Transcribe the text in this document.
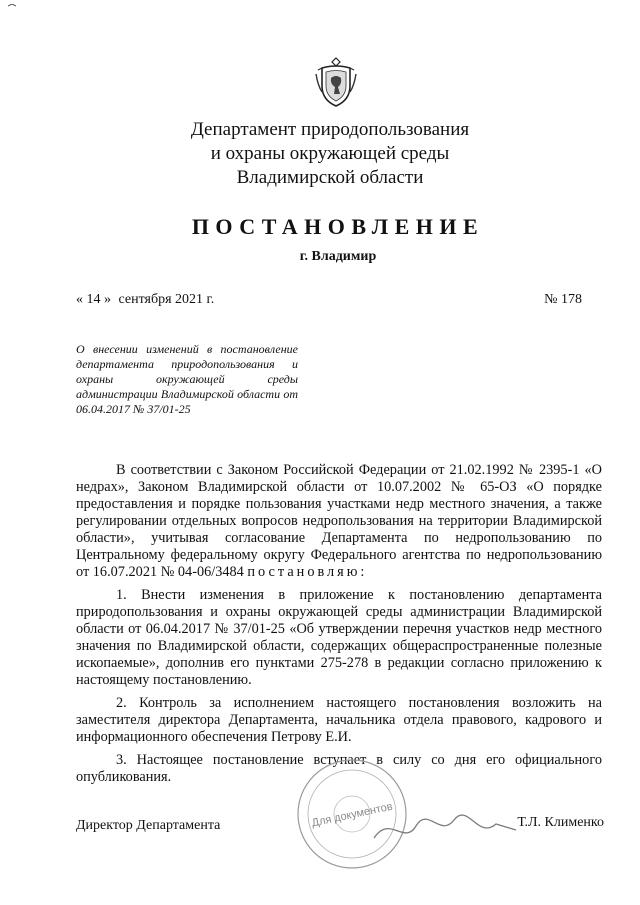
Департамент природопользования
и охраны окружающей среды
Владимирской области
ПОСТАНОВЛЕНИЕ
г. Владимир
« 14 » сентября 2021 г.	№ 178
О внесении изменений в постановление департамента природопользования и охраны окружающей среды администрации Владимирской области от 06.04.2017 № 37/01-25

В соответствии с Законом Российской Федерации от 21.02.1992 № 2395-1 «О недрах», Законом Владимирской области от 10.07.2002 № 65-ОЗ «О порядке предоставления и порядке пользования участками недр местного значения, а также регулировании отдельных вопросов недропользования на территории Владимирской области», учитывая согласование Департамента по недропользованию по Центральному федеральному округу Федерального агентства по недропользованию от 16.07.2021 № 04-06/3484 постановляю:

1. Внести изменения в приложение к постановлению департамента природопользования и охраны окружающей среды администрации Владимирской области от 06.04.2017 № 37/01-25 «Об утверждении перечня участков недр местного значения по Владимирской области, содержащих общераспространенные полезные ископаемые», дополнив его пунктами 275-278 в редакции согласно приложению к настоящему постановлению.

2. Контроль за исполнением настоящего постановления возложить на заместителя директора Департамента, начальника отдела правового, кадрового и информационного обеспечения Петрову Е.И.

3. Настоящее постановление вступает в силу со дня его официального опубликования.

Для документов
Директор Департамента	Т.Л. Клименко
